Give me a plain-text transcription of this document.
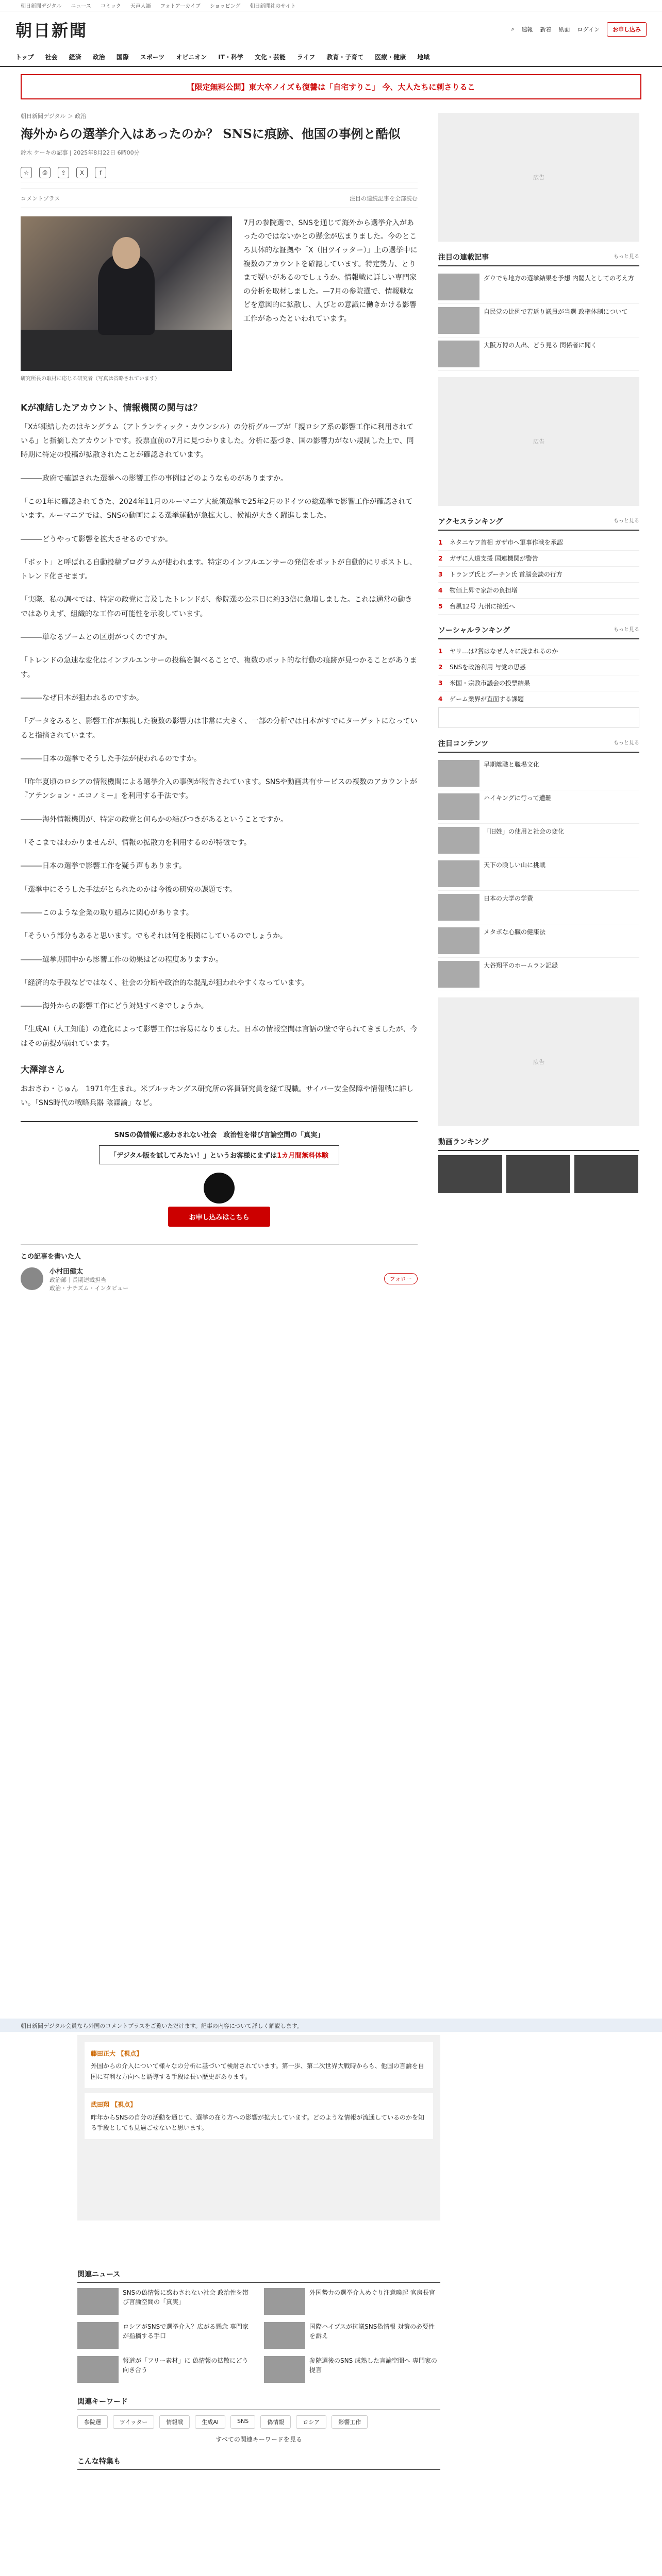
朝日新聞デジタル ニュース コミック 天声人語 フォトアーカイブ ショッピング 朝日新聞社のサイト
朝日新聞	⌕ 速報 新着 紙面 ログイン	お申し込み
トップ 社会 経済 政治 国際 スポーツ オピニオン IT・科学 文化・芸能 ライフ 教育・子育て 医療・健康 地域
【限定無料公開】東大卒ノイズも復讐は「自宅すりこ」 今、大人たちに刺さりるこ
朝日新聞デジタル ＞ 政治
海外からの選挙介入はあったのか？ SNSに痕跡、他国の事例と酷似
鈴木 ケーキの記事 | 2025年8月22日 6時00分
☆	⎙	⇪	X	f
コメントプラス	注目の連続記事を全部読む
研究所長の取材に応じる研究者（写真は省略されています）
7月の参院選で、SNSを通じて海外から選挙介入があったのではないかとの懸念が広まりました。今のところ具体的な証拠や「X（旧ツイッター）」上の選挙中に複数のアカウントを確認しています。特定勢力、とりまで疑いがあるのでしょうか。情報戦に詳しい専門家の分析を取材しました。—7月の参院選で、情報戦などを意図的に拡散し、人びとの意識に働きかける影響工作があったといわれています。
Kが凍結したアカウント、情報機関の関与は？

「Xが凍結したのはキングラム（アトランティック・カウンシル）の分析グループが「親ロシア系の影響工作に利用されている」と指摘したアカウントです。投票直前の7月に見つかりました。分析に基づき、国の影響力がない規制した上で、同時期に特定の投稿が拡散されたことが確認されています。

―――政府で確認された選挙への影響工作の事例はどのようなものがありますか。

「この1年に確認されてきた、2024年11月のルーマニア大統領選挙で25年2月のドイツの総選挙で影響工作が確認されています。ルーマニアでは、SNSの動画による選挙運動が急拡大し、候補が大きく躍進しました。

―――どうやって影響を拡大させるのですか。

「ボット」と呼ばれる自動投稿プログラムが使われます。特定のインフルエンサーの発信をボットが自動的にリポストし、トレンド化させます。

「実際、私の調べでは、特定の政党に言及したトレンドが、参院選の公示日に約33倍に急増しました。これは通常の動きではありえず、組織的な工作の可能性を示唆しています。

―――単なるブームとの区別がつくのですか。

「トレンドの急速な変化はインフルエンサーの投稿を調べることで、複数のボット的な行動の痕跡が見つかることがあります。

―――なぜ日本が狙われるのですか。

「データをみると、影響工作が無視した複数の影響力は非常に大きく、一部の分析では日本がすでにターゲットになっていると指摘されています。

―――日本の選挙でそうした手法が使われるのですか。

「昨年夏頃のロシアの情報機関による選挙介入の事例が報告されています。SNSや動画共有サービスの複数のアカウントが『アテンション・エコノミー』を利用する手法です。

―――海外情報機関が、特定の政党と何らかの結びつきがあるということですか。

「そこまではわかりませんが、情報の拡散力を利用するのが特徴です。

―――日本の選挙で影響工作を疑う声もあります。

「選挙中にそうした手法がとられたのかは今後の研究の課題です。

―――このような企業の取り組みに関心があります。

「そういう部分もあると思います。でもそれは何を根拠にしているのでしょうか。

―――選挙期間中から影響工作の効果はどの程度ありますか。

「経済的な手段などではなく、社会の分断や政治的な混乱が狙われやすくなっています。

―――海外からの影響工作にどう対処すべきでしょうか。

「生成AI（人工知能）の進化によって影響工作は容易になりました。日本の情報空間は言語の壁で守られてきましたが、今はその前提が崩れています。

大澤淳さん

おおさわ・じゅん　1971年生まれ。米ブルッキングス研究所の客員研究員を経て現職。サイバー安全保障や情報戦に詳しい。「SNS時代の戦略兵器 陰謀論」など。

SNSの偽情報に惑わされない社会　政治性を帯び言論空間の「真実」
「デジタル版を試してみたい！」というお客様にまずは1カ月間無料体験
お申し込みはこちら
この記事を書いた人
小村田健太
政治部｜長期連載担当
政治・ナチズム・インタビュー
フォロー
広告
注目の連載記事	もっと見る
ダウでも地方の選挙結果を予想 内閣人としての考え方
自民党の比例で若返り議員が当選 政権体制について
大阪万博の人出、どう見る 関係者に聞く
広告
アクセスランキング	もっと見る
1	ネタニヤフ首相 ガザ市へ軍事作戦を承認
2	ガザに人道支援 国連機関が警告
3	トランプ氏とプーチン氏 首脳会談の行方
4	物価上昇で家計の負担増
5	台風12号 九州に接近へ
ソーシャルランキング	もっと見る
1	ヤリ…は?賞はなぜ人々に読まれるのか
2	SNSを政治利用 与党の思惑
3	米国・宗教市議会の投票結果
4	ゲーム業界が直面する課題
注目コンテンツ	もっと見る
早期離職と職場文化
ハイキングに行って遭難
「旧姓」の使用と社会の変化
天下の険しい山に挑戦
日本の大学の学費
メタボな心臓の健康法
大谷翔平のホームラン記録
広告
動画ランキング
朝日新聞デジタル会員なら外国のコメントプラスをご覧いただけます。記事の内容について詳しく解説します。
藤田正大 【視点】
外国からの介入について様々なの分析に基づいて検討されています。第一歩、第二次世界大戦時からも、他国の言論を自国に有利な方向へと誘導する手段は長い歴史があります。
武田翔 【視点】
昨年からSNSの自分の活動を通じて、選挙の在り方への影響が拡大しています。どのような情報が流通しているのかを知る手段としても見過ごせないと思います。
関連ニュース
SNSの偽情報に惑わされない社会 政治性を帯び言論空間の「真実」
外国勢力の選挙介入めぐり注意喚起 官房長官
ロシアがSNSで選挙介入？広がる懸念 専門家が指摘する手口
国際ハイブスが抗議SNS偽情報 対策の必要性を訴え
報道が「フリー素材」に 偽情報の拡散にどう向き合う
参院選後のSNS 成熟した言論空間へ 専門家の提言
関連キーワード
参院選	ツイッター	情報戦	生成AI	SNS	偽情報	ロシア	影響工作
すべての関連キーワードを見る
こんな特集も
